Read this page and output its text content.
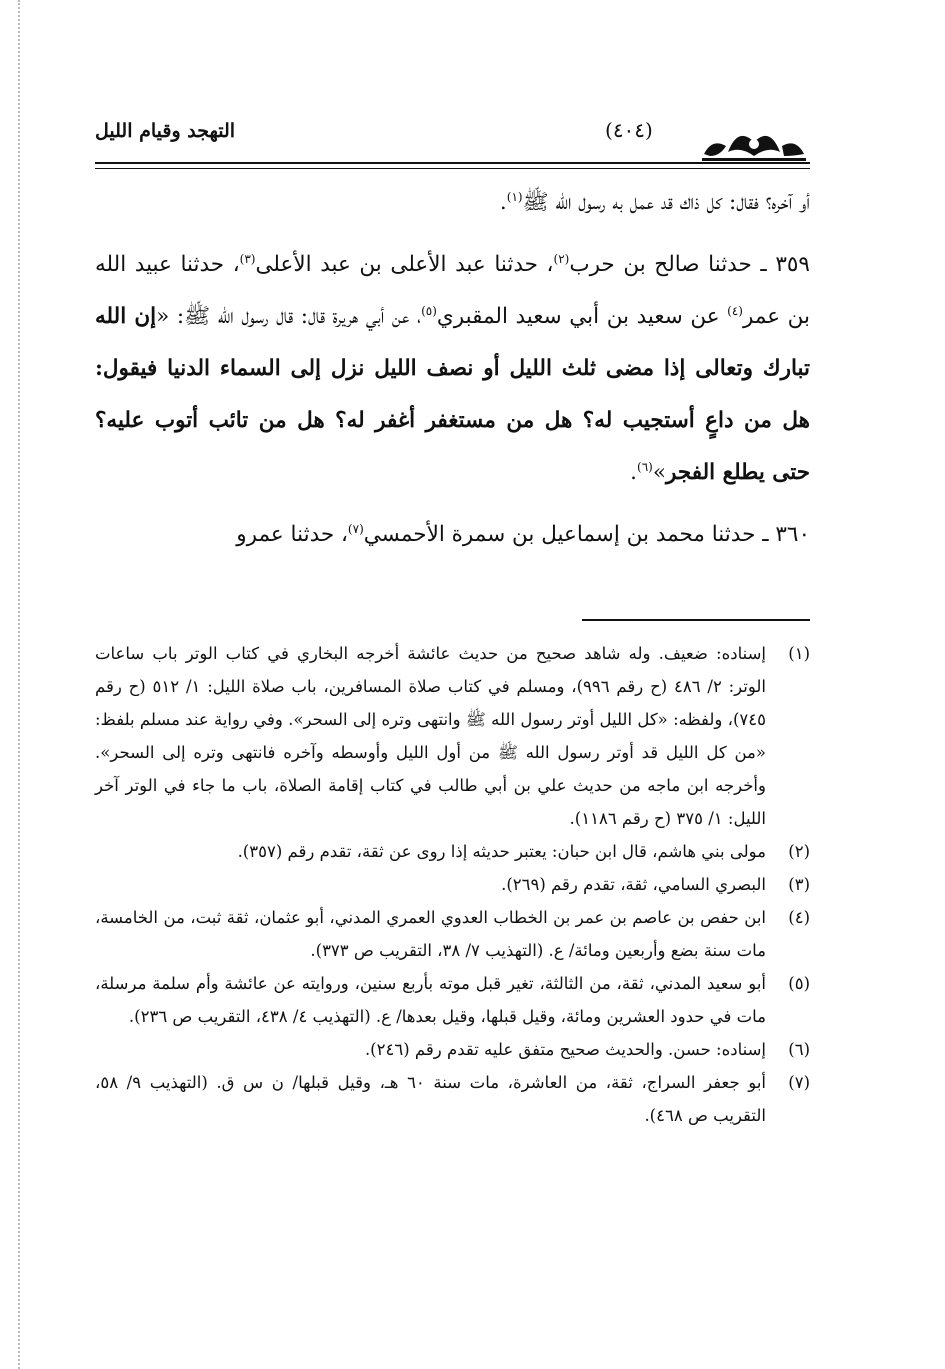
(٤٠٤)
التهجد وقيام الليل

أو آخره؟ فقال: كل ذاك قد عمل به رسول الله ﷺ$^{(١)}$.

٣٥٩ ـ حدثنا صالح بن حرب$^{(٢)}$، حدثنا عبد الأعلى بن عبد الأعلى$^{(٣)}$، حدثنا عبيد الله بن عمر$^{(٤)}$ عن سعيد بن أبي سعيد المقبري$^{(٥)}$، عن أبي هريرة قال: قال رسول الله ﷺ: «إن الله تبارك وتعالى إذا مضى ثلث الليل أو نصف الليل نزل إلى السماء الدنيا فيقول: هل من داعٍ أستجيب له؟ هل من مستغفر أغفر له؟ هل من تائب أتوب عليه؟ حتى يطلع الفجر»$^{(٦)}$.

٣٦٠ ـ حدثنا محمد بن إسماعيل بن سمرة الأحمسي$^{(٧)}$، حدثنا عمرو

(١)
إسناده: ضعيف. وله شاهد صحيح من حديث عائشة أخرجه البخاري في كتاب الوتر باب ساعات الوتر: ٢/ ٤٨٦ (ح رقم ٩٩٦)، ومسلم في كتاب صلاة المسافرين، باب صلاة الليل: ١/ ٥١٢ (ح رقم ٧٤٥)، ولفظه: «كل الليل أوتر رسول الله ﷺ وانتهى وتره إلى السحر». وفي رواية عند مسلم بلفظ: «من كل الليل قد أوتر رسول الله ﷺ من أول الليل وأوسطه وآخره فانتهى وتره إلى السحر». وأخرجه ابن ماجه من حديث علي بن أبي طالب في كتاب إقامة الصلاة، باب ما جاء في الوتر آخر الليل: ١/ ٣٧٥ (ح رقم ١١٨٦).
(٢)
مولى بني هاشم، قال ابن حبان: يعتبر حديثه إذا روى عن ثقة، تقدم رقم (٣٥٧).
(٣)
البصري السامي، ثقة، تقدم رقم (٢٦٩).
(٤)
ابن حفص بن عاصم بن عمر بن الخطاب العدوي العمري المدني، أبو عثمان، ثقة ثبت، من الخامسة، مات سنة بضع وأربعين ومائة/ ع. (التهذيب ٧/ ٣٨، التقريب ص ٣٧٣).
(٥)
أبو سعيد المدني، ثقة، من الثالثة، تغير قبل موته بأربع سنين، وروايته عن عائشة وأم سلمة مرسلة، مات في حدود العشرين ومائة، وقيل قبلها، وقيل بعدها/ ع. (التهذيب ٤/ ٤٣٨، التقريب ص ٢٣٦).
(٦)
إسناده: حسن. والحديث صحيح متفق عليه تقدم رقم (٢٤٦).
(٧)
أبو جعفر السراج، ثقة، من العاشرة، مات سنة ٦٠ هـ، وقيل قبلها/ ن س ق. (التهذيب ٩/ ٥٨، التقريب ص ٤٦٨).
